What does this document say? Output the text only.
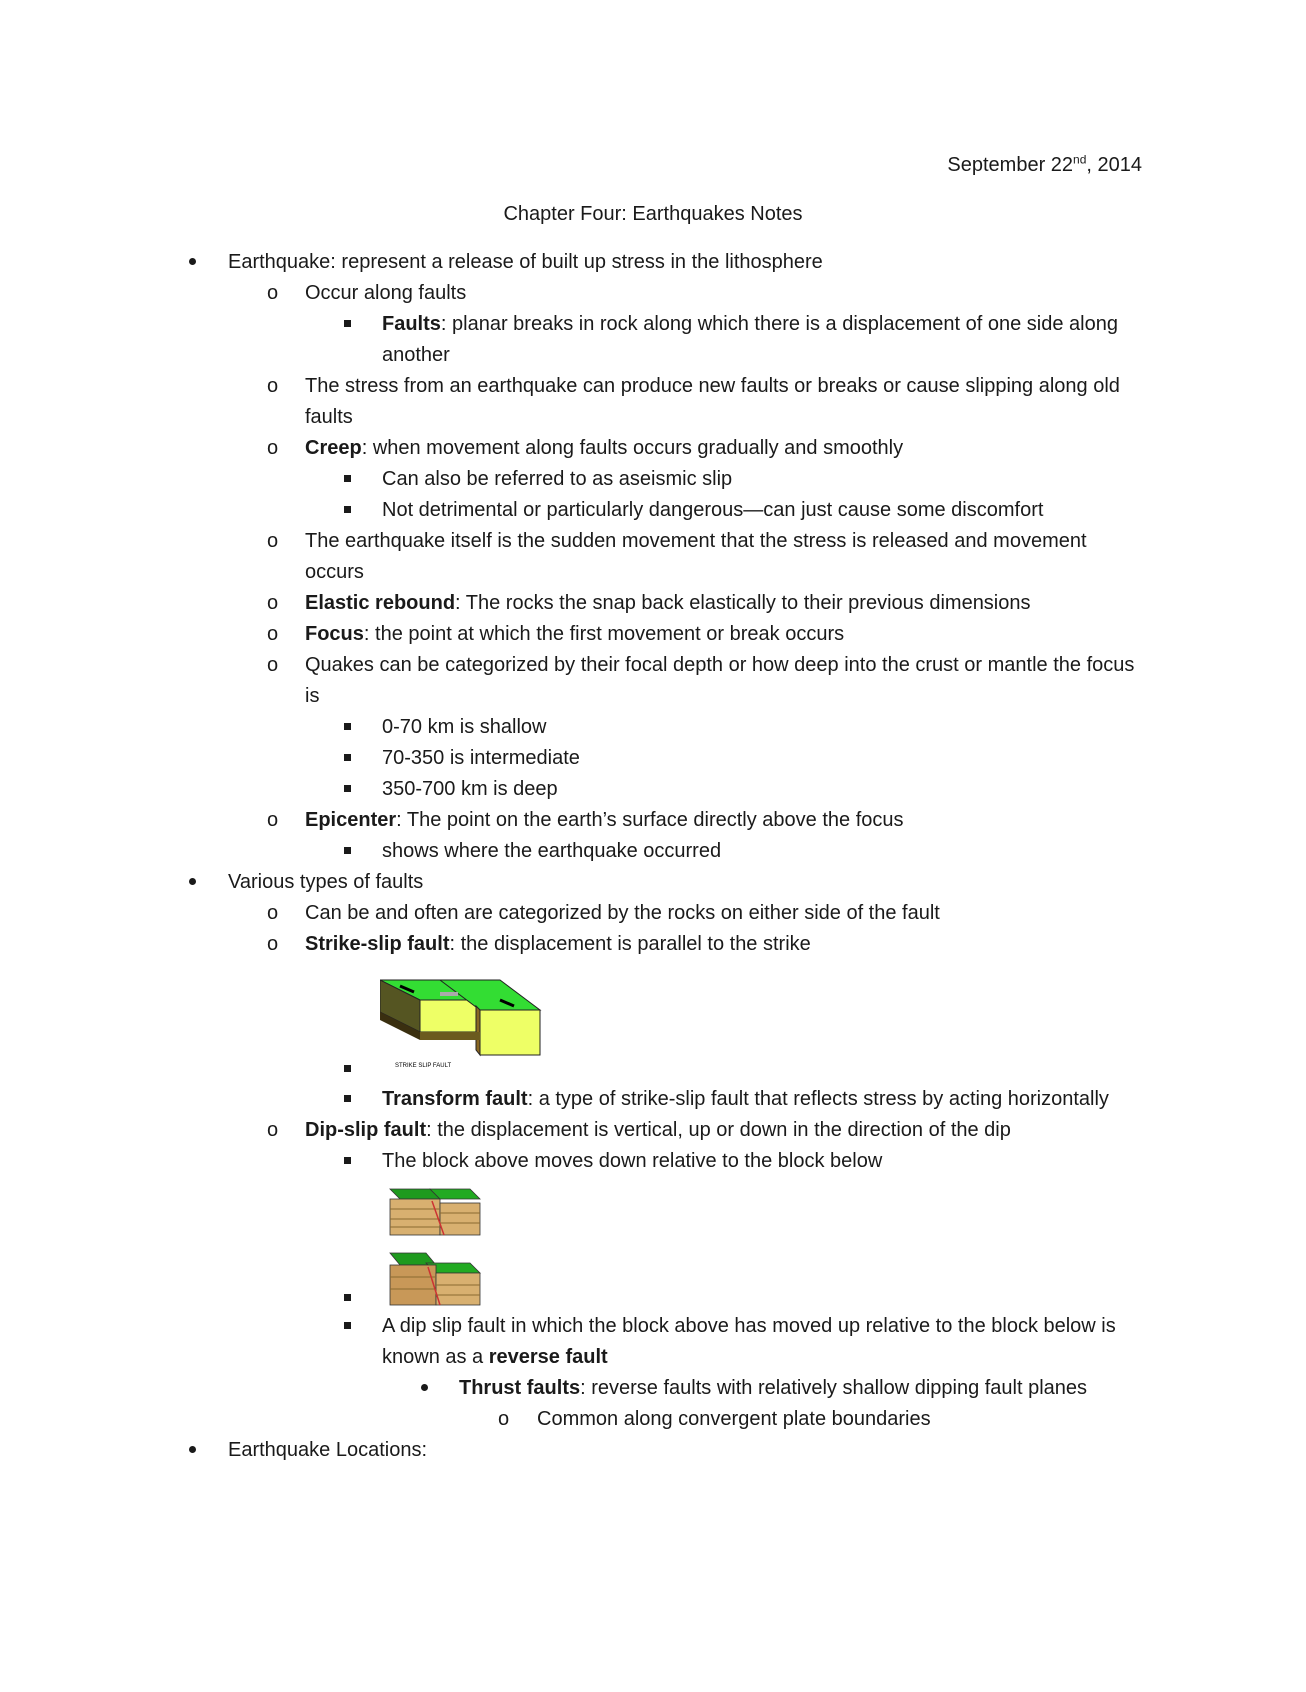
September 22nd, 2014
Chapter Four: Earthquakes Notes
Earthquake: represent a release of built up stress in the lithosphere
o Occur along faults
Faults: planar breaks in rock along which there is a displacement of one side along another
o The stress from an earthquake can produce new faults or breaks or cause slipping along old faults
o Creep: when movement along faults occurs gradually and smoothly
Can also be referred to as aseismic slip
Not detrimental or particularly dangerous—can just cause some discomfort
o The earthquake itself is the sudden movement that the stress is released and movement occurs
o Elastic rebound: The rocks the snap back elastically to their previous dimensions
o Focus: the point at which the first movement or break occurs
o Quakes can be categorized by their focal depth or how deep into the crust or mantle the focus is
0-70 km is shallow
70-350 is intermediate
350-700 km is deep
o Epicenter: The point on the earth’s surface directly above the focus
shows where the earthquake occurred
Various types of faults
o Can be and often are categorized by the rocks on either side of the fault
o Strike-slip fault: the displacement is parallel to the strike
STRIKE SLIP FAULT
Transform fault: a type of strike-slip fault that reflects stress by acting horizontally
o Dip-slip fault: the displacement is vertical, up or down in the direction of the dip
The block above moves down relative to the block below
A dip slip fault in which the block above has moved up relative to the block below is known as a reverse fault
Thrust faults: reverse faults with relatively shallow dipping fault planes
o Common along convergent plate boundaries
Earthquake Locations:
